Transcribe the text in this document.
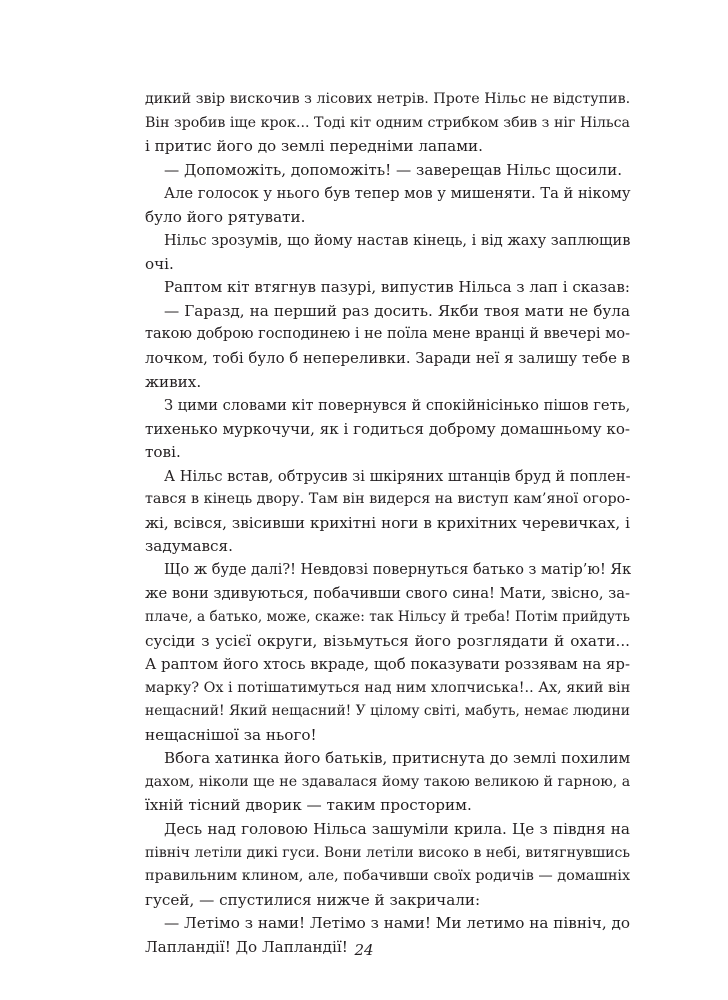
дикий звір вискочив з лісових нетрів. Проте Нільс не відступив.
Він зробив іще крок... Тоді кіт одним стрибком збив з ніг Нільса
і притис його до землі передніми лапами.
— Допоможіть, допоможіть! — заверещав Нільс щосили.
Але голосок у нього був тепер мов у мишеняти. Та й нікому
було його рятувати.
Нільс зрозумів, що йому настав кінець, і від жаху заплющив
очі.
Раптом кіт втягнув пазурі, випустив Нільса з лап і сказав:
— Гаразд, на перший раз досить. Якби твоя мати не була
такою доброю господинею і не поїла мене вранці й ввечері мо-
лочком, тобі було б непереливки. Заради неї я залишу тебе в
живих.
З цими словами кіт повернувся й спокійнісінько пішов геть,
тихенько муркочучи, як і годиться доброму домашньому ко-
тові.
А Нільс встав, обтрусив зі шкіряних штанців бруд й поплен-
тався в кінець двору. Там він видерся на виступ кам’яної огоро-
жі, всівся, звісивши крихітні ноги в крихітних черевичках, і
задумався.
Що ж буде далі?! Невдовзі повернуться батько з матір’ю! Як
же вони здивуються, побачивши свого сина! Мати, звісно, за-
плаче, а батько, може, скаже: так Нільсу й треба! Потім прийдуть
сусіди з усієї округи, візьмуться його розглядати й охати...
А раптом його хтось вкраде, щоб показувати роззявам на яр-
марку? Ох і потішатимуться над ним хлопчиська!.. Ах, який він
нещасний! Який нещасний! У цілому світі, мабуть, немає людини
нещаснішої за нього!
Вбога хатинка його батьків, притиснута до землі похилим
дахом, ніколи ще не здавалася йому такою великою й гарною, а
їхній тісний дворик — таким просторим.
Десь над головою Нільса зашуміли крила. Це з півдня на
північ летіли дикі гуси. Вони летіли високо в небі, витягнувшись
правильним клином, але, побачивши своїх родичів — домашніх
гусей, — спустилися нижче й закричали:
— Летімо з нами! Летімо з нами! Ми летимо на північ, до
Лапландії! До Лапландії! 24
